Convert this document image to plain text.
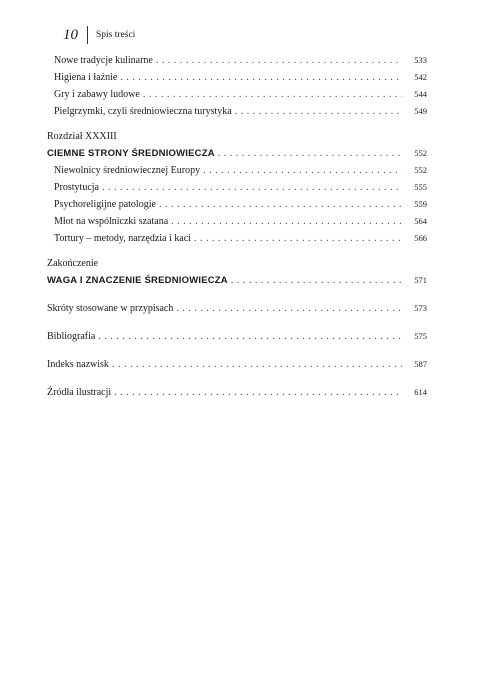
10 Spis treści
Nowe tradycje kulinarne . . .	533
Higiena i łaźnie . . .	542
Gry i zabawy ludowe . . .	544
Pielgrzymki, czyli średniowieczna turystyka . . .	549
Rozdział XXXIII
CIEMNE STRONY ŚREDNIOWIECZA . . .	552
Niewolnicy średniowiecznej Europy . . .	552
Prostytucja . . .	555
Psychoreligijne patologie . . .	559
Młot na wspólniczki szatana . . .	564
Tortury – metody, narzędzia i kaci . . .	566
Zakończenie
WAGA I ZNACZENIE ŚREDNIOWIECZA . . .	571
Skróty stosowane w przypisach . . .	573
Bibliografia . . .	575
Indeks nazwisk . . .	587
Źródła ilustracji . . .	614
